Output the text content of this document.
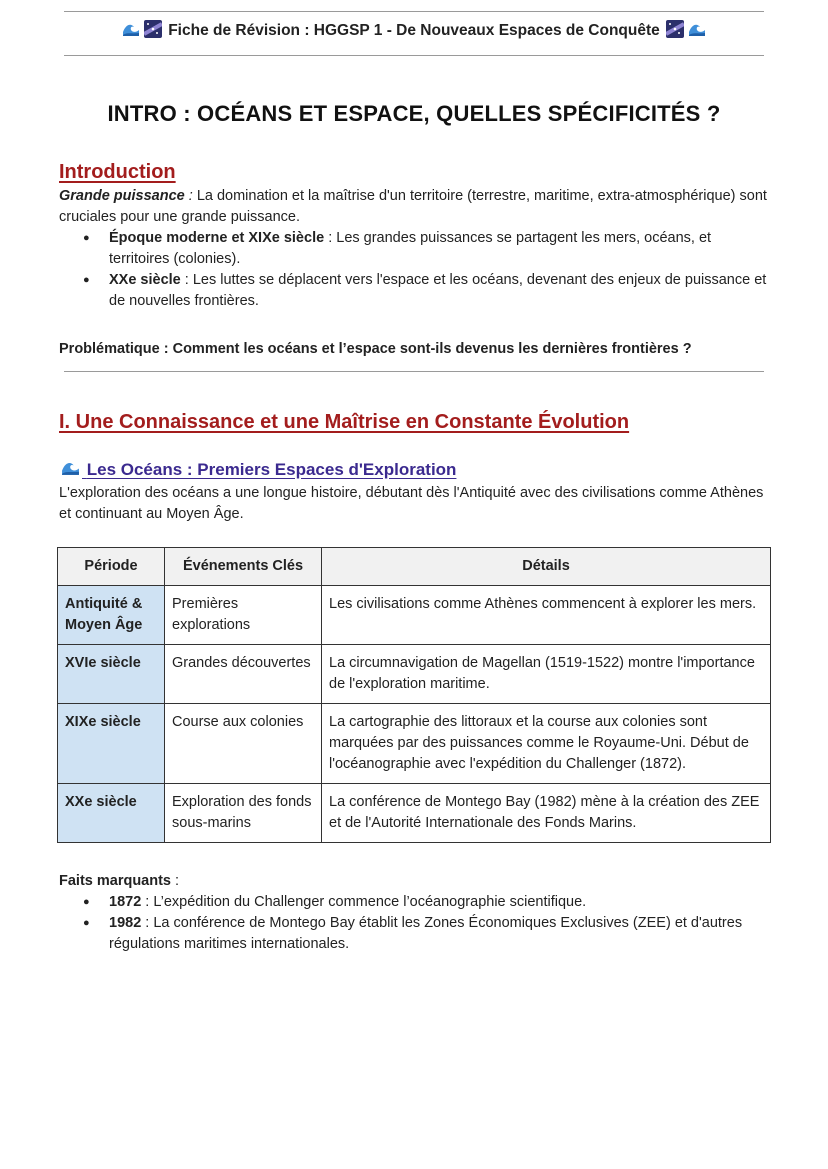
Fiche de Révision : HGGSP 1 - De Nouveaux Espaces de Conquête
INTRO : OCÉANS ET ESPACE, QUELLES SPÉCIFICITÉS ?
Introduction
Grande puissance : La domination et la maîtrise d'un territoire (terrestre, maritime, extra-atmosphérique) sont cruciales pour une grande puissance.
● Époque moderne et XIXe siècle : Les grandes puissances se partagent les mers, océans, et territoires (colonies).
● XXe siècle : Les luttes se déplacent vers l'espace et les océans, devenant des enjeux de puissance et de nouvelles frontières.
Problématique : Comment les océans et l’espace sont-ils devenus les dernières frontières ?
I. Une Connaissance et une Maîtrise en Constante Évolution
Les Océans : Premiers Espaces d'Exploration
L'exploration des océans a une longue histoire, débutant dès l'Antiquité avec des civilisations comme Athènes et continuant au Moyen Âge.
Période	Événements Clés	Détails
Antiquité & Moyen Âge	Premières explorations	Les civilisations comme Athènes commencent à explorer les mers.
XVIe siècle	Grandes découvertes	La circumnavigation de Magellan (1519-1522) montre l'importance de l'exploration maritime.
XIXe siècle	Course aux colonies	La cartographie des littoraux et la course aux colonies sont marquées par des puissances comme le Royaume-Uni. Début de l'océanographie avec l'expédition du Challenger (1872).
XXe siècle	Exploration des fonds sous-marins	La conférence de Montego Bay (1982) mène à la création des ZEE et de l'Autorité Internationale des Fonds Marins.
Faits marquants :
● 1872 : L’expédition du Challenger commence l’océanographie scientifique.
● 1982 : La conférence de Montego Bay établit les Zones Économiques Exclusives (ZEE) et d'autres régulations maritimes internationales.
